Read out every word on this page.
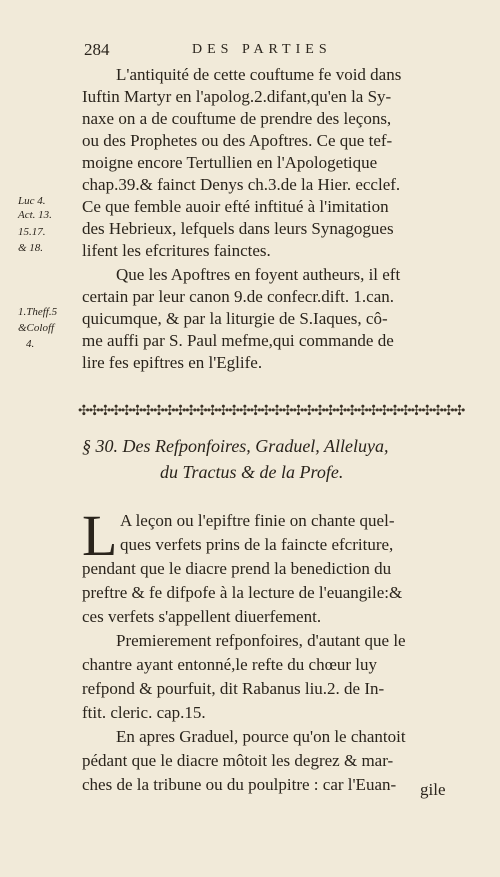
284	DES PARTIES
Luc 4.
Act. 13.
15.17.
& 18.
1.Theff.5
&Coloff
4.
L'antiquité de cette couftume fe void dans
Iuftin Martyr en l'apolog.2.difant,qu'en la Sy-
naxe on a de couftume de prendre des leçons,
ou des Prophetes ou des Apoftres. Ce que tef-
moigne encore Tertullien en l'Apologetique
chap.39.& fainct Denys ch.3.de la Hier. ecclef.
Ce que femble auoir efté inftitué à l'imitation
des Hebrieux, lefquels dans leurs Synagogues
lifent les efcritures fainctes.
Que les Apoftres en foyent autheurs, il eft
certain par leur canon 9.de confecr.dift. 1.can.
quicumque, & par la liturgie de S.Iaques, cô-
me auffi par S. Paul mefme,qui commande de
lire fes epiftres en l'Eglife.
✣✣✣✣✣✣✣✣✣✣✣✣✣✣✣✣✣✣✣✣✣✣✣✣✣✣✣✣✣✣✣✣✣✣✣✣
§ 30. Des Refponfoires, Graduel, Alleluya,
du Tractus & de la Profe.
L A leçon ou l'epiftre finie on chante quel-
ques verfets prins de la faincte efcriture,
pendant que le diacre prend la benediction du
preftre & fe difpofe à la lecture de l'euangile:&
ces verfets s'appellent diuerfement.
Premierement refponfoires, d'autant que le
chantre ayant entonné,le refte du chœur luy
refpond & pourfuit, dit Rabanus liu.2. de In-
ftit. cleric. cap.15.
En apres Graduel, pource qu'on le chantoit
pédant que le diacre môtoit les degrez & mar-
ches de la tribune ou du poulpitre : car l'Euan- gile
